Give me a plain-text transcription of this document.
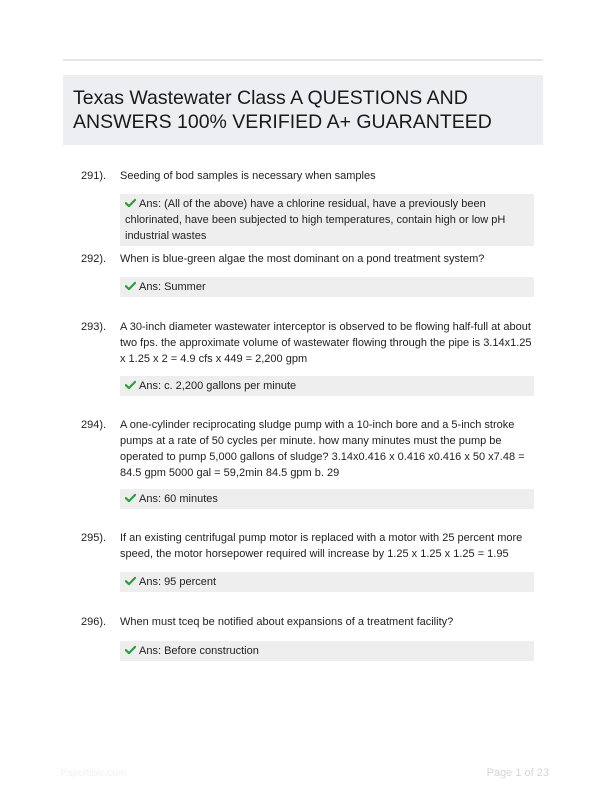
Texas Wastewater Class A QUESTIONS AND ANSWERS 100% VERIFIED A+ GUARANTEED
291). Seeding of bod samples is necessary when samples
Ans: (All of the above) have a chlorine residual, have a previously been chlorinated, have been subjected to high temperatures, contain high or low pH industrial wastes
292). When is blue-green algae the most dominant on a pond treatment system?
Ans: Summer
293). A 30-inch diameter wastewater interceptor is observed to be flowing half-full at about two fps. the approximate volume of wastewater flowing through the pipe is 3.14x1.25 x 1.25 x 2 = 4.9 cfs x 449 = 2,200 gpm
Ans: c. 2,200 gallons per minute
294). A one-cylinder reciprocating sludge pump with a 10-inch bore and a 5-inch stroke pumps at a rate of 50 cycles per minute. how many minutes must the pump be operated to pump 5,000 gallons of sludge? 3.14x0.416 x 0.416 x0.416 x 50 x7.48 = 84.5 gpm 5000 gal = 59,2min 84.5 gpm b. 29
Ans: 60 minutes
295). If an existing centrifugal pump motor is replaced with a motor with 25 percent more speed, the motor horsepower required will increase by 1.25 x 1.25 x 1.25 = 1.95
Ans: 95 percent
296). When must tceq be notified about expansions of a treatment facility?
Ans: Before construction
Papertibic.com	Page 1 of 23
